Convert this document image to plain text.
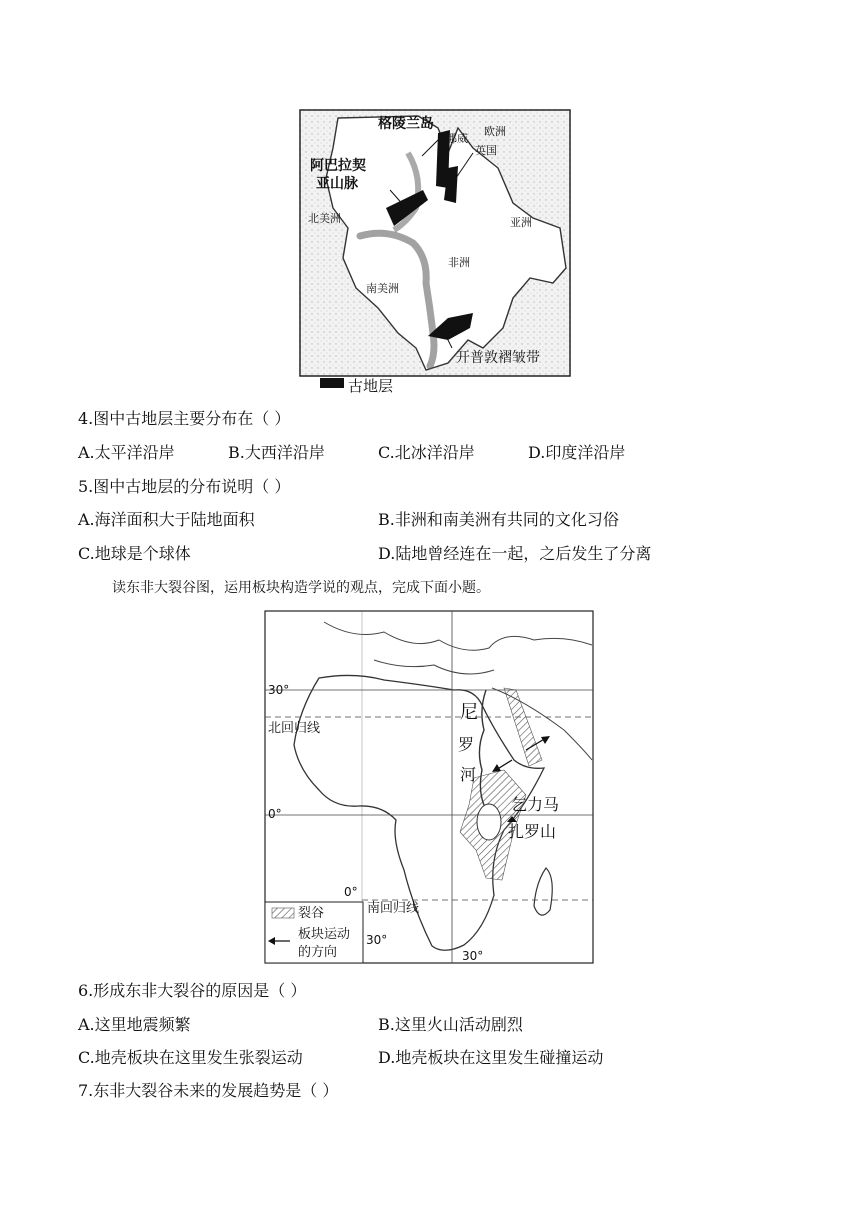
格陵兰岛
挪威
欧洲
英国
阿巴拉契
亚山脉
北美洲	亚洲
非洲
南美洲
开普敦褶皱带
古地层
4.图中古地层主要分布在（ ）
A.太平洋沿岸	B.大西洋沿岸	C.北冰洋沿岸	D.印度洋沿岸
5.图中古地层的分布说明（ ）
A.海洋面积大于陆地面积	B.非洲和南美洲有共同的文化习俗
C.地球是个球体	D.陆地曾经连在一起，之后发生了分离
读东非大裂谷图，运用板块构造学说的观点，完成下面小题。
30°
北回归线
0°
0°
南回归线
30°
30°
尼
罗
河
乞力马
扎罗山
裂谷
板块运动
的方向
6.形成东非大裂谷的原因是（ ）
A.这里地震频繁	B.这里火山活动剧烈
C.地壳板块在这里发生张裂运动	D.地壳板块在这里发生碰撞运动
7.东非大裂谷未来的发展趋势是（ ）
